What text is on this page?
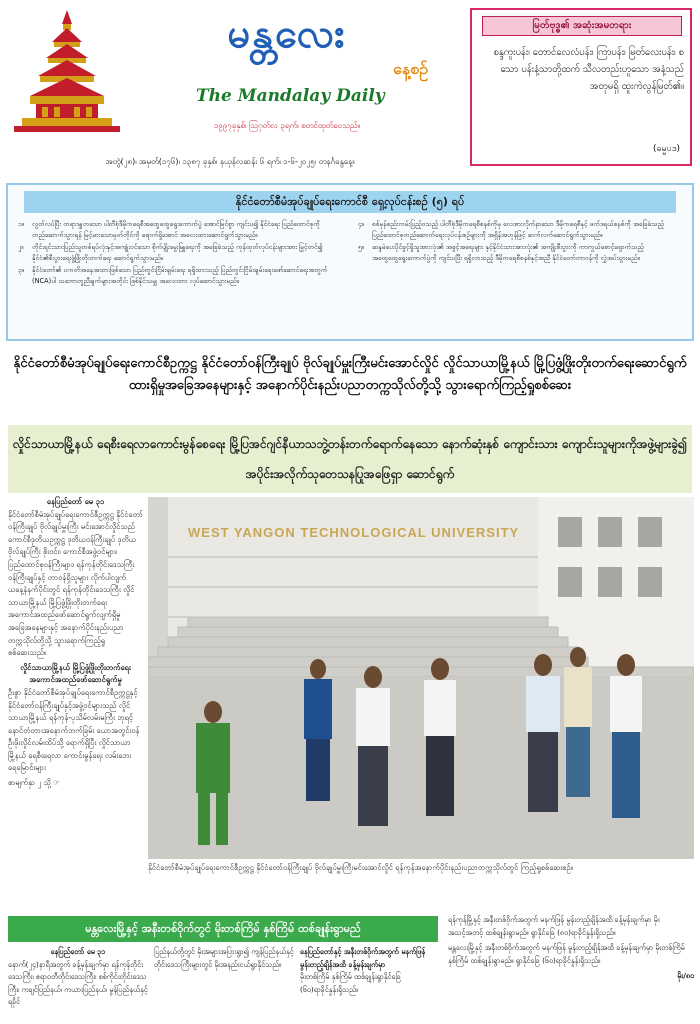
မန္တလေး
နေ့စဉ်
The Mandalay Daily
၁၉၉၇ခုနှစ်၊ ဩဂုတ်လ ၃ရက်၊ စတင်ထုတ်ဝေသည်။
အတွဲ(၂၈)၊ အမှတ်(၁၇၆)၊ ၁၃၈၇ ခုနှစ်၊ နယုန်လဆန်း ၆ ရက်၊ ၁-၆-၂၀၂၅၊ တနင်္ဂနွေနေ့။
မြတ်ဗုဒ္ဓ၏ အဆုံးအမတရား
စန္ဒကူးပန်း၊ တောင်လေလံပန်း၊ ကြာပန်း၊ မြတ်လေးပန်း၊ စသော ပန်းနံ့သာတို့ထက် သီလတည်းဟူသော အနံ့သည် အတုမရှိ ထူးကဲလွန်မြတ်၏။
(ဓမ္မပဒ)
နိုင်ငံတော်စီမံအုပ်ချုပ်ရေးကောင်စီ ရှေ့လုပ်ငန်းစဉ် (၅) ရပ်
၁။	လွတ်လပ်ပြီး တရားမျှတသော ပါတီစုံဒီမိုကရေစီအထွေထွေရွေးကောက်ပွဲ အောင်မြင်စွာ ကျင်းပ၍ နိုင်ငံရေး ပြည်ထောင်စုကိုတည်ဆောက်သွားရန် မြင့်မားသောမှတ်တိုင်ကို ရောက်ရှိအောင် အလေးထားဆောင်ရွက်သွားမည်။
၂။	တိုင်းရင်းသားပြည်သူတစ်ရပ်လုံးနှင့်အကျုံးဝင်သော စိုက်ပျိုးမွေးမြူရေးကို အခြေခံသည့် ကုန်ထုတ်လုပ်ငန်းများအား မြှင့်တင်၍ နိုင်ငံ၏စီးပွားရေးဖွံ့ဖြိုးတိုးတက်ရေး ဆောင်ရွက်သွားမည်။
၃။	နိုင်ငံတော်၏ ပကတိအနေအထားဖြစ်သော ပြည်တွင်းငြိမ်းချမ်းရေး ရရှိထားသည့် ပြည်တွင်းငြိမ်းချမ်းရေးဖော်ဆောင်ရေးအတွက် (NCA)ပါ သဘောတူညီချက်များအတိုင်း ဖြစ်နိုင်သမျှ အလေးထား လုပ်ဆောင်သွားမည်။
၄။	စစ်မှန်စည်းကမ်းပြည့်ဝသည့် ပါတီစုံဒီမိုကရေစီစနစ်ကိုမှ လေးစားလိုက်နာသော ဒီမိုကရေစီနှင့် ဖက်ဒရယ်စနစ်ကို အခြေခံသည့် ပြည်ထောင်စုတည်ဆောက်ရေးလုပ်ငန်းစဉ်များကို အရှိန်အဟုန်ဖြင့် ဆက်လက်ဆောင်ရွက်သွားမည်။
၅။	ဆန္ဒမဲပေးပိုင်ခွင့်ရှိသူအားလုံး၏ အခွင့်အရေးများ နှင့်နိုင်ငံသားအားလုံး၏ အကျိုးစီးပွားကို ကာကွယ်စောင့်ရှောက်သည့် အထွေထွေရွေးကောက်ပွဲကို ကျင်းပပြီး ရရှိလာသည့် ဒီမိုကရေစီစနစ်နှင့်အညီ နိုင်ငံတော်တာဝန်ကို လွှဲအပ်သွားမည်။
နိုင်ငံတော်စီမံအုပ်ချုပ်ရေးကောင်စီဥက္ကဋ္ဌ နိုင်ငံတော်ဝန်ကြီးချုပ် ဗိုလ်ချုပ်မှူးကြီးမင်းအောင်လှိုင် လှိုင်သာယာမြို့နယ် မြို့ပြဖွံ့ဖြိုးတိုးတက်ရေးဆောင်ရွက်ထားရှိမှုအခြေအနေများနှင့် အနောက်ပိုင်းနည်းပညာတက္ကသိုလ်တို့သို့ သွားရောက်ကြည့်ရှုစစ်ဆေး
လှိုင်သာယာမြို့နယ် ရေစီးရေလာကောင်းမွန်စေရေး မြို့ပြအင်ဂျင်နီယာသဘွဲ့တန်းတက်ရောက်နေသော နောက်ဆုံးနှစ် ကျောင်းသား ကျောင်းသူများကိုအဖွဲ့များခွဲ၍ အပိုင်းအလိုက်သုတေသနပြုအဖြေရှာ ဆောင်ရွက်
နေပြည်တော် မေ ၃၁
နိုင်ငံတော်စီမံအုပ်ချုပ်ရေးကောင်စီဥက္ကဋ္ဌ နိုင်ငံတော်ဝန်ကြီးချုပ် ဗိုလ်ချုပ်မှူးကြီး မင်းအောင်လှိုင်သည် ကောင်စီဒုတိယဥက္ကဋ္ဌ ဒုတိယဝန်ကြီးချုပ် ဒုတိယဗိုလ်ချုပ်ကြီး စိုးဝင်း၊ ကောင်စီအဖွဲ့ဝင်များ၊ ပြည်ထောင်စုဝန်ကြီးများ၊ ရန်ကုန်တိုင်းဒေသကြီးဝန်ကြီးချုပ်နှင့် တာဝန်ရှိသူများ လိုက်ပါလျက် ယနေ့နံနက်ပိုင်းတွင် ရန်ကုန်တိုင်းဒေသကြီး လှိုင်သာယာမြို့နယ် မြို့ပြဖွံ့ဖြိုးတိုးတက်ရေး အကောင်အထည်ဖော်ဆောင်ရွက်လျက်ရှိမှုအခြေအနေများနှင့် အနောက်ပိုင်းနည်းပညာတက္ကသိုလ်တို့သို့ သွားရောက်ကြည့်ရှုစစ်ဆေးသည်။
လှိုင်သာယာမြို့နယ် မြို့ပြဖွံ့ဖြိုးတိုးတက်ရေး အကောင်အထည်ဖော်ဆောင်ရွက်မှု
ဦးစွာ နိုင်ငံတော်စီမံအုပ်ချုပ်ရေးကောင်စီဥက္ကဋ္ဌနှင့် နိုင်ငံတော်ဝန်ကြီးချုပ်နှင့်အဖွဲ့ဝင်များသည် လှိုင်သာယာမြို့နယ် ရန်ကုန်-ပုသိမ်လမ်းမကြီး ဘုရင့်နောင်တံတားအနောက်ဘက်ခြမ်း ယောအတွင်းဝန်ဦးဖိုးလှိုင်လမ်းထိပ်သို့ ရောက်ရှိပြီး လှိုင်သာယာမြို့နယ် ရေစီးရေလာ ကောင်းမွန်ရေး လမ်းဘေးရေမြောင်းများ
စာမျက်နှာ ၂ သို့ ☞
WEST YANGON TECHNOLOGICAL UNIVERSITY
နိုင်ငံတော်စီမံအုပ်ချုပ်ရေးကောင်စီဥက္ကဋ္ဌ နိုင်ငံတော်ဝန်ကြီးချုပ် ဗိုလ်ချုပ်မှူးကြီးမင်းအောင်လှိုင် ရန်ကုန်အနောက်ပိုင်းနည်းပညာတက္ကသိုလ်တွင် ကြည့်ရှုစစ်ဆေးစဉ်။
မန္တလေးမြို့နှင့် အနီးတစ်ဝိုက်တွင် မိုးတစ်ကြိမ် နှစ်ကြိမ် ထစ်ချုန်းရွာမည်
နေပြည်တော် မေ ၃၁
နောက်(၂၄)နာရီအတွက် ခန့်မှန်းချက်မှာ ရန်ကုန်တိုင်းဒေသကြီး၊ ဧရာဝတီတိုင်းဒေသကြီး၊ စစ်ကိုင်းတိုင်းဒေသကြီး၊ ကချင်ပြည်နယ်၊ ကယားပြည်နယ်၊ မွန်ပြည်နယ်နှင့် ရခိုင်
ပြည်နယ်တို့တွင် မိုးအများအပြားရွာ၍ ကျန်ပြည်နယ်နှင့် တိုင်းဒေသကြီးများတွင် မိုးအနည်းငယ်ရွာနိုင်သည်။
နေပြည်တော်နှင့် အနီးတစ်ဝိုက်အတွက် မနက်ဖြန် မွန်းတည့်ချိန်အထိ ခန့်မှန်းချက်မှာ
မိုးတစ်ကြိမ် နှစ်ကြိမ် ထစ်ချုန်းရွာနိုင်ခြေ (၆၀)ရာခိုင်နှုန်းရှိသည်။
ရန်ကုန်မြို့နှင့် အနီးတစ်ဝိုက်အတွက် မနက်ဖြန် မွန်းတည့်ချိန်အထိ ခန့်မှန်းချက်မှာ မိုးအသင့်အတင့် ထစ်ချုန်းရွာမည်။ ရွာနိုင်ခြေ (၈၀)ရာခိုင်နှုန်းရှိသည်။
မန္တလေးမြို့နှင့် အနီးတစ်ဝိုက်အတွက် မနက်ဖြန် မွန်းတည့်ချိန်အထိ ခန့်မှန်းချက်မှာ မိုးတစ်ကြိမ် နှစ်ကြိမ် ထစ်ချုန်းရွာမည်။ ရွာနိုင်ခြေ (၆၀)ရာခိုင်နှုန်းရှိသည်။
မိုး/၈၀
